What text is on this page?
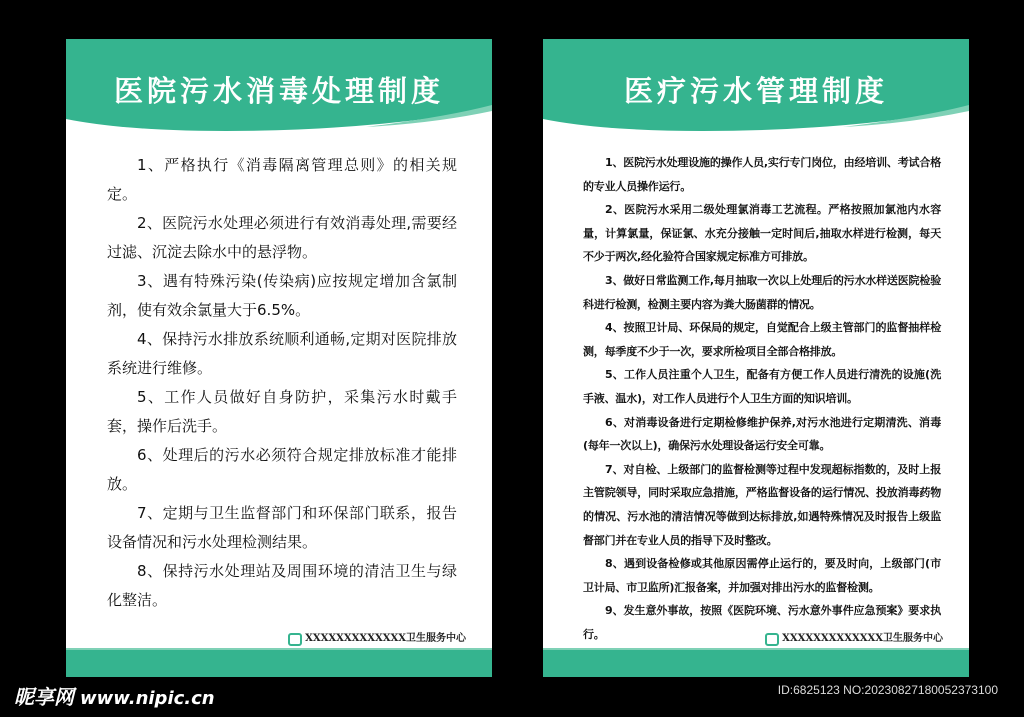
医院污水消毒处理制度

1、严格执行《消毒隔离管理总则》的相关规定。

2、医院污水处理必须进行有效消毒处理,需要经过滤、沉淀去除水中的悬浮物。

3、遇有特殊污染(传染病)应按规定增加含氯制剂，使有效余氯量大于6.5%。

4、保持污水排放系统顺利通畅,定期对医院排放系统进行维修。

5、工作人员做好自身防护，采集污水时戴手套，操作后洗手。

6、处理后的污水必须符合规定排放标准才能排放。

7、定期与卫生监督部门和环保部门联系，报告设备情况和污水处理检测结果。

8、保持污水处理站及周围环境的清洁卫生与绿化整洁。

XXXXXXXXXXXXX卫生服务中心
医疗污水管理制度

1、医院污水处理设施的操作人员,实行专门岗位，由经培训、考试合格的专业人员操作运行。

2、医院污水采用二级处理氯消毒工艺流程。严格按照加氯池内水容量，计算氯量，保证氯、水充分接触一定时间后,抽取水样进行检测，每天不少于两次,经化验符合国家规定标准方可排放。

3、做好日常监测工作,每月抽取一次以上处理后的污水水样送医院检验科进行检测，检测主要内容为粪大肠菌群的情况。

4、按照卫计局、环保局的规定，自觉配合上级主管部门的监督抽样检测，每季度不少于一次，要求所检项目全部合格排放。

5、工作人员注重个人卫生，配备有方便工作人员进行清洗的设施(洗手液、温水)，对工作人员进行个人卫生方面的知识培训。

6、对消毒设备进行定期检修维护保养,对污水池进行定期清洗、消毒(每年一次以上)，确保污水处理设备运行安全可靠。

7、对自检、上级部门的监督检测等过程中发现超标指数的，及时上报主管院领导，同时采取应急措施，严格监督设备的运行情况、投放消毒药物的情况、污水池的清洁情况等做到达标排放,如遇特殊情况及时报告上级监督部门并在专业人员的指导下及时整改。

8、遇到设备检修或其他原因需停止运行的，要及时向，上级部门(市卫计局、市卫监所)汇报备案，并加强对排出污水的监督检测。

9、发生意外事故，按照《医院环境、污水意外事件应急预案》要求执行。	XXXXXXXXXXXXX卫生服务中心
昵享网 www.nipic.cn	ID:6825123 NO:20230827180052373100
